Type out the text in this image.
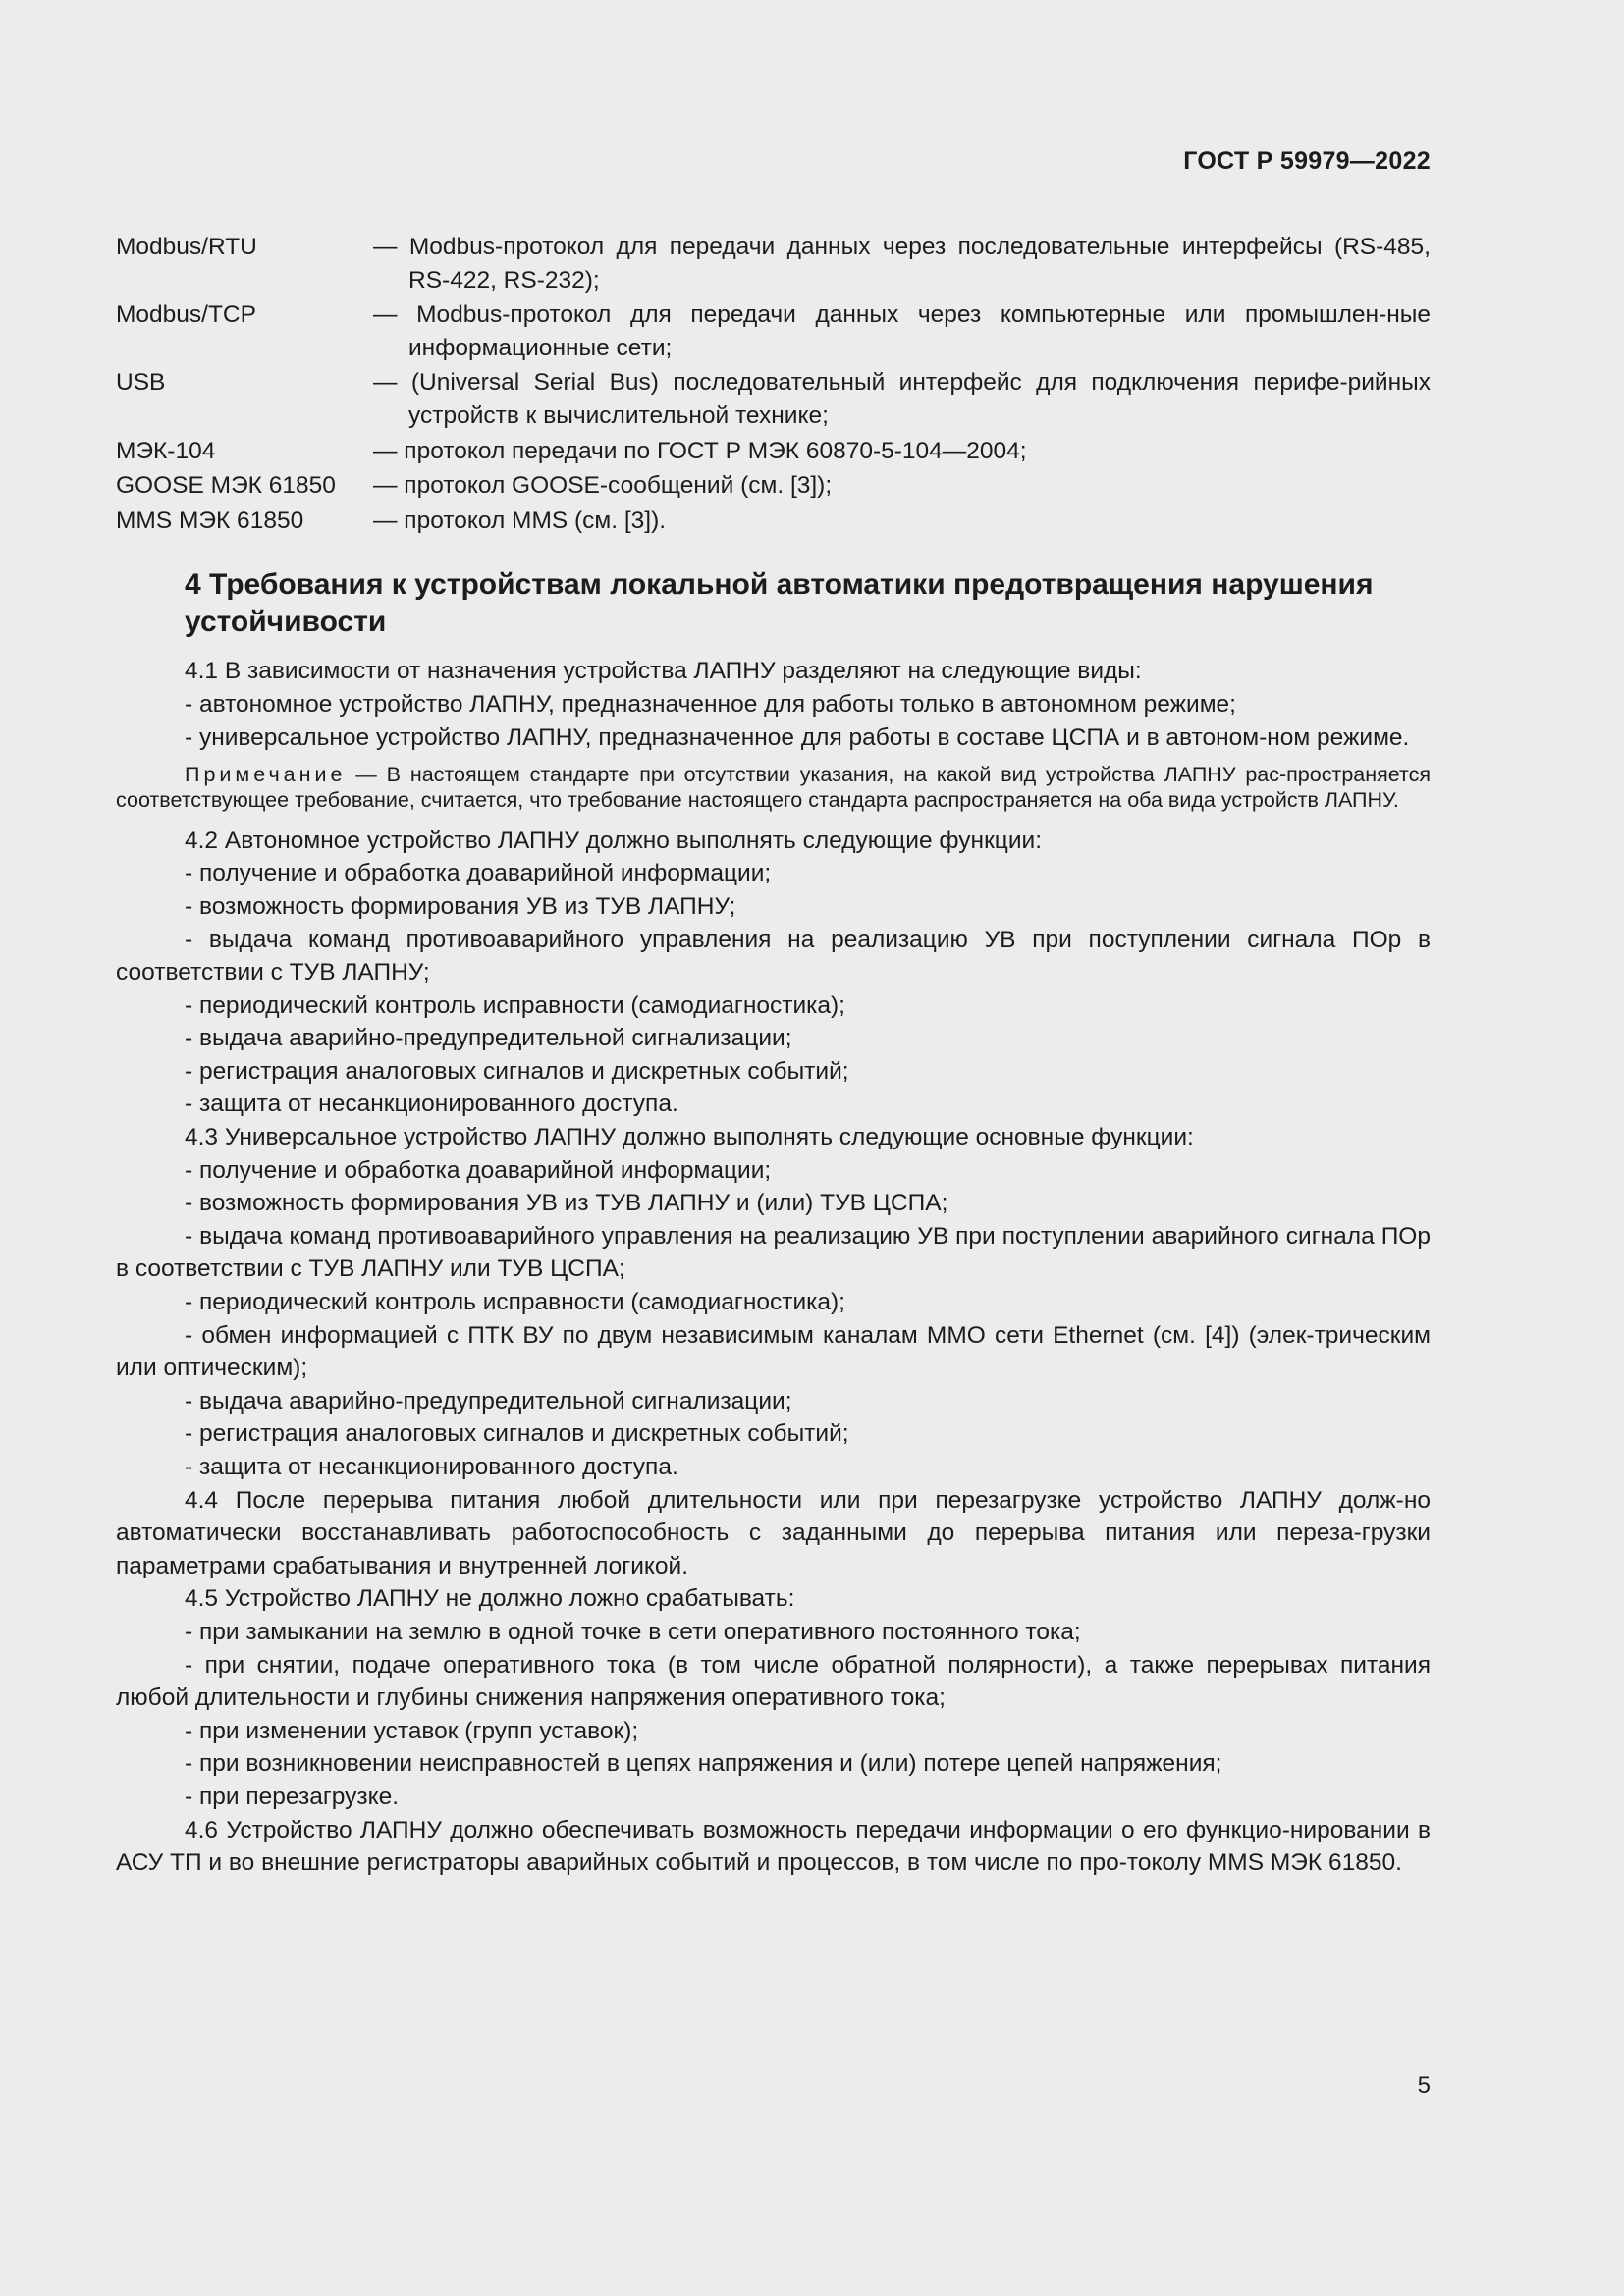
ГОСТ Р 59979—2022
Modbus/RTU	— Modbus-протокол для передачи данных через последовательные интерфейсы (RS-485, RS-422, RS-232);
Modbus/TCP	— Modbus-протокол для передачи данных через компьютерные или промышлен-ные информационные сети;
USB	— (Universal Serial Bus) последовательный интерфейс для подключения перифе-рийных устройств к вычислительной технике;
МЭК-104	— протокол передачи по ГОСТ Р МЭК 60870-5-104—2004;
GOOSE МЭК 61850	— протокол GOOSE-сообщений (см. [3]);
MMS МЭК 61850	— протокол MMS (см. [3]).
4 Требования к устройствам локальной автоматики предотвращения нарушения устойчивости

4.1 В зависимости от назначения устройства ЛАПНУ разделяют на следующие виды:

- автономное устройство ЛАПНУ, предназначенное для работы только в автономном режиме;

- универсальное устройство ЛАПНУ, предназначенное для работы в составе ЦСПА и в автоном-ном режиме.

Примечание — В настоящем стандарте при отсутствии указания, на какой вид устройства ЛАПНУ рас-пространяется соответствующее требование, считается, что требование настоящего стандарта распространяется на оба вида устройств ЛАПНУ.

4.2 Автономное устройство ЛАПНУ должно выполнять следующие функции:

- получение и обработка доаварийной информации;

- возможность формирования УВ из ТУВ ЛАПНУ;

- выдача команд противоаварийного управления на реализацию УВ при поступлении сигнала ПОр в соответствии с ТУВ ЛАПНУ;

- периодический контроль исправности (самодиагностика);

- выдача аварийно-предупредительной сигнализации;

- регистрация аналоговых сигналов и дискретных событий;

- защита от несанкционированного доступа.

4.3 Универсальное устройство ЛАПНУ должно выполнять следующие основные функции:

- получение и обработка доаварийной информации;

- возможность формирования УВ из ТУВ ЛАПНУ и (или) ТУВ ЦСПА;

- выдача команд противоаварийного управления на реализацию УВ при поступлении аварийного сигнала ПОр в соответствии с ТУВ ЛАПНУ или ТУВ ЦСПА;

- периодический контроль исправности (самодиагностика);

- обмен информацией с ПТК ВУ по двум независимым каналам ММО сети Ethernet (см. [4]) (элек-трическим или оптическим);

- выдача аварийно-предупредительной сигнализации;

- регистрация аналоговых сигналов и дискретных событий;

- защита от несанкционированного доступа.

4.4 После перерыва питания любой длительности или при перезагрузке устройство ЛАПНУ долж-но автоматически восстанавливать работоспособность с заданными до перерыва питания или переза-грузки параметрами срабатывания и внутренней логикой.

4.5 Устройство ЛАПНУ не должно ложно срабатывать:

- при замыкании на землю в одной точке в сети оперативного постоянного тока;

- при снятии, подаче оперативного тока (в том числе обратной полярности), а также перерывах питания любой длительности и глубины снижения напряжения оперативного тока;

- при изменении уставок (групп уставок);

- при возникновении неисправностей в цепях напряжения и (или) потере цепей напряжения;

- при перезагрузке.

4.6 Устройство ЛАПНУ должно обеспечивать возможность передачи информации о его функцио-нировании в АСУ ТП и во внешние регистраторы аварийных событий и процессов, в том числе по про-токолу MMS МЭК 61850.

5
